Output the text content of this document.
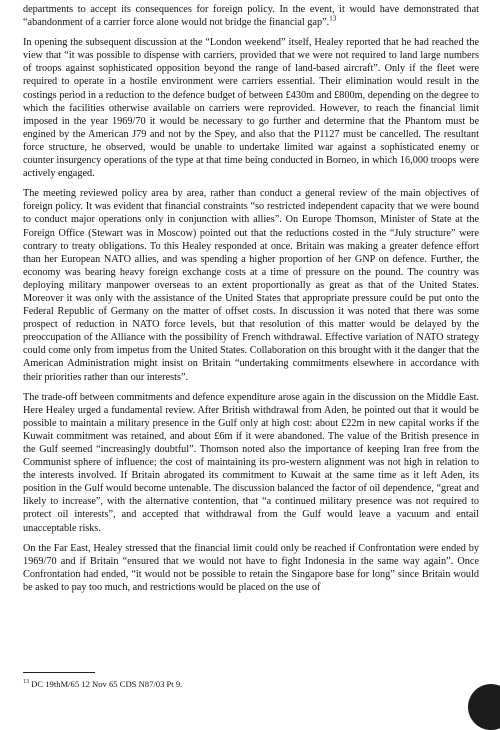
departments to accept its consequences for foreign policy. In the event, it would have demonstrated that “abandonment of a carrier force alone would not bridge the financial gap”.$^{13}$

In opening the subsequent discussion at the “London weekend” itself, Healey reported that he had reached the view that “it was possible to dispense with carriers, provided that we were not required to land large numbers of troops against sophisticated opposition beyond the range of land-based aircraft”. Only if the fleet were required to operate in a hostile environment were carriers essential. Their elimination would result in the costings period in a reduction to the defence budget of between £430m and £800m, depending on the degree to which the facilities otherwise available on carriers were reprovided. However, to reach the financial limit imposed in the year 1969/70 it would be necessary to go further and determine that the Phantom must be engined by the American J79 and not by the Spey, and also that the P1127 must be cancelled. The resultant force structure, he observed, would be unable to undertake limited war against a sophisticated enemy or counter insurgency operations of the type at that time being conducted in Borneo, in which 16,000 troops were actively engaged.

The meeting reviewed policy area by area, rather than conduct a general review of the main objectives of foreign policy. It was evident that financial constraints “so restricted independent capacity that we were bound to conduct major operations only in conjunction with allies”. On Europe Thomson, Minister of State at the Foreign Office (Stewart was in Moscow) pointed out that the reductions costed in the “July structure” were contrary to treaty obligations. To this Healey responded at once. Britain was making a greater defence effort than her European NATO allies, and was spending a higher proportion of her GNP on defence. Further, the economy was bearing heavy foreign exchange costs at a time of pressure on the pound. The country was deploying military manpower overseas to an extent proportionally as great as that of the United States. Moreover it was only with the assistance of the United States that appropriate pressure could be put onto the Federal Republic of Germany on the matter of offset costs. In discussion it was noted that there was some prospect of reduction in NATO force levels, but that resolution of this matter would be delayed by the preoccupation of the Alliance with the possibility of French withdrawal. Effective variation of NATO strategy could come only from impetus from the United States. Collaboration on this brought with it the danger that the American Administration might insist on Britain “undertaking commitments elsewhere in accordance with their priorities rather than our interests”.

The trade-off between commitments and defence expenditure arose again in the discussion on the Middle East. Here Healey urged a fundamental review. After British withdrawal from Aden, he pointed out that it would be possible to maintain a military presence in the Gulf only at high cost: about £22m in new capital works if the Kuwait commitment was retained, and about £6m if it were abandoned. The value of the British presence in the Gulf seemed “increasingly doubtful”. Thomson noted also the importance of keeping Iran free from the Communist sphere of influence; the cost of maintaining its pro-western alignment was not high in relation to the interests involved. If Britain abrogated its commitment to Kuwait at the same time as it left Aden, its position in the Gulf would become untenable. The discussion balanced the factor of oil dependence, “great and likely to increase”, with the alternative contention, that “a continued military presence was not required to protect oil interests”, and accepted that withdrawal from the Gulf would leave a vacuum and entail unacceptable risks.

On the Far East, Healey stressed that the financial limit could only be reached if Confrontation were ended by 1969/70 and if Britain “ensured that we would not have to fight Indonesia in the same way again”. Once Confrontation had ended, “it would not be possible to retain the Singapore base for long” since Britain would be asked to pay too much, and restrictions would be placed on the use of

$^{13}$ DC 19thM/65 12 Nov 65 CDS N87/03 Pt 9.
